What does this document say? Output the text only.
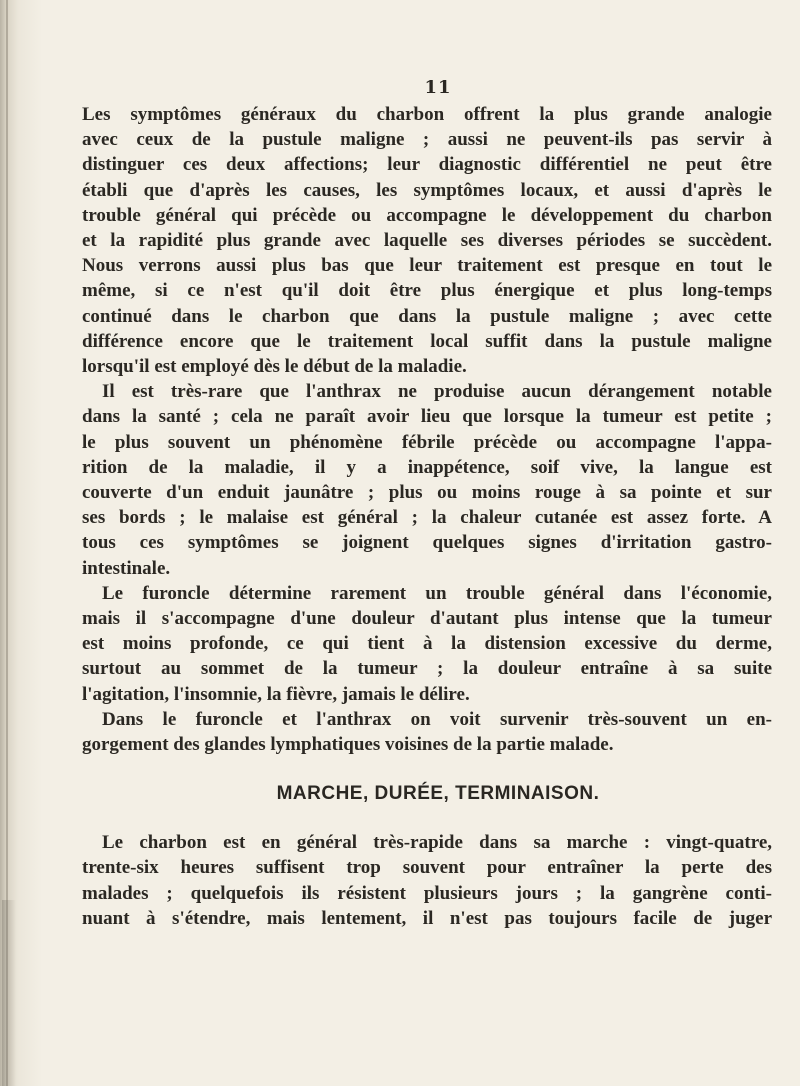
11
Les symptômes généraux du charbon offrent la plus grande analogie
avec ceux de la pustule maligne ; aussi ne peuvent-ils pas servir à
distinguer ces deux affections; leur diagnostic différentiel ne peut être
établi que d'après les causes, les symptômes locaux, et aussi d'après le
trouble général qui précède ou accompagne le développement du charbon
et la rapidité plus grande avec laquelle ses diverses périodes se succèdent.
Nous verrons aussi plus bas que leur traitement est presque en tout le
même, si ce n'est qu'il doit être plus énergique et plus long-temps
continué dans le charbon que dans la pustule maligne ; avec cette
différence encore que le traitement local suffit dans la pustule maligne
lorsqu'il est employé dès le début de la maladie.
Il est très-rare que l'anthrax ne produise aucun dérangement notable
dans la santé ; cela ne paraît avoir lieu que lorsque la tumeur est petite ;
le plus souvent un phénomène fébrile précède ou accompagne l'appa-
rition de la maladie, il y a inappétence, soif vive, la langue est
couverte d'un enduit jaunâtre ; plus ou moins rouge à sa pointe et sur
ses bords ; le malaise est général ; la chaleur cutanée est assez forte. A
tous ces symptômes se joignent quelques signes d'irritation gastro-
intestinale.
Le furoncle détermine rarement un trouble général dans l'économie,
mais il s'accompagne d'une douleur d'autant plus intense que la tumeur
est moins profonde, ce qui tient à la distension excessive du derme,
surtout au sommet de la tumeur ; la douleur entraîne à sa suite
l'agitation, l'insomnie, la fièvre, jamais le délire.
Dans le furoncle et l'anthrax on voit survenir très-souvent un en-
gorgement des glandes lymphatiques voisines de la partie malade.
MARCHE, DURÉE, TERMINAISON.
Le charbon est en général très-rapide dans sa marche : vingt-quatre,
trente-six heures suffisent trop souvent pour entraîner la perte des
malades ; quelquefois ils résistent plusieurs jours ; la gangrène conti-
nuant à s'étendre, mais lentement, il n'est pas toujours facile de juger
